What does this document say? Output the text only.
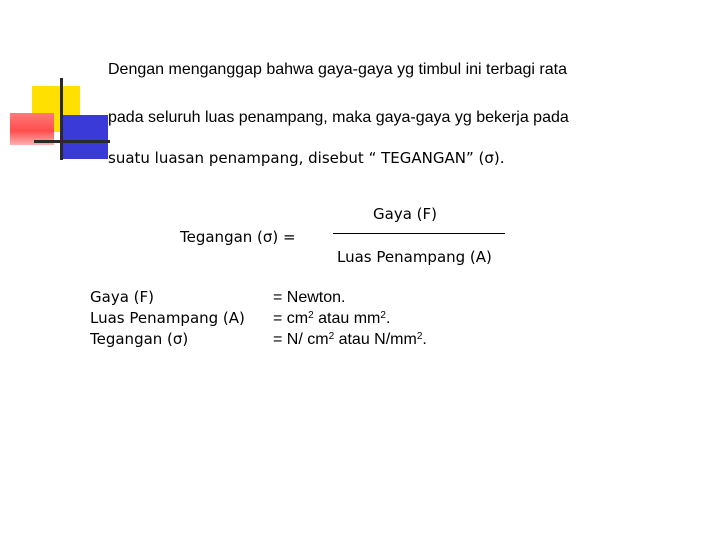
Dengan menganggap bahwa gaya-gaya yg timbul ini terbagi rata
pada seluruh luas penampang, maka gaya-gaya yg bekerja pada
suatu luasan penampang, disebut “ TEGANGAN” (σ).
Tegangan (σ) =
Gaya (F)
Luas Penampang (A)
Gaya (F)	= Newton.
Luas Penampang (A)	= $cm^2$ atau $mm^2$.
Tegangan (σ)	= N/ $cm^2$ atau $N/mm^2$.
